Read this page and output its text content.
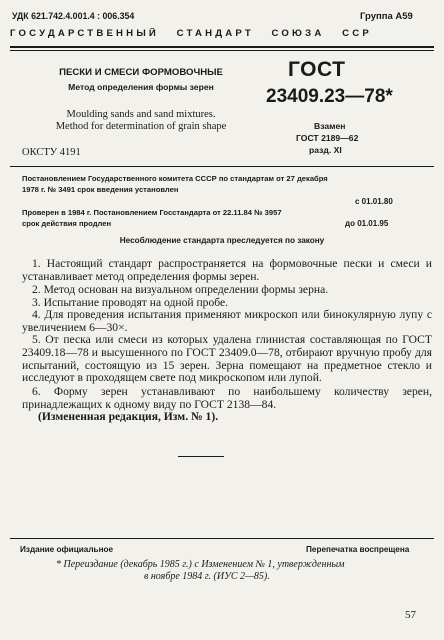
УДК 621.742.4.001.4 : 006.354	Группа А59
ГОСУДАРСТВЕННЫЙ   СТАНДАРТ   СОЮЗА   ССР
ПЕСКИ И СМЕСИ ФОРМОВОЧНЫЕ
Метод определения формы зерен
Moulding sands and sand mixtures.
Method for determination of grain shape
ГОСТ
23409.23—78*
Взамен
ГОСТ 2189—62
разд. XI
ОКСТУ 4191
Постановлением Государственного комитета СССР по стандартам от 27 декабря
1978 г. № 3491 срок введения установлен
с 01.01.80
Проверен в 1984 г. Постановлением Госстандарта от 22.11.84 № 3957
срок действия продлен	до 01.01.95
Несоблюдение стандарта преследуется по закону

1. Настоящий стандарт распространяется на формовочные пески и смеси и устанавливает метод определения формы зерен.

2. Метод основан на визуальном определении формы зерна.

3. Испытание проводят на одной пробе.

4. Для проведения испытания применяют микроскоп или бинокулярную лупу с увеличением 6—30×.

5. От песка или смеси из которых удалена глинистая составляющая по ГОСТ 23409.18—78 и высушенного по ГОСТ 23409.0—78, отбирают вручную пробу для испытаний, состоящую из 15 зерен. Зерна помещают на предметное стекло и исследуют в проходящем свете под микроскопом или лупой.

6. Форму зерен устанавливают по наибольшему количеству зерен, принадлежащих к одному виду по ГОСТ 2138—84.

(Измененная редакция, Изм. № 1).
Издание официальное	Перепечатка воспрещена
* Переиздание (декабрь 1985 г.) с Изменением № 1, утвержденным
в ноябре 1984 г. (ИУС 2—85).
57
